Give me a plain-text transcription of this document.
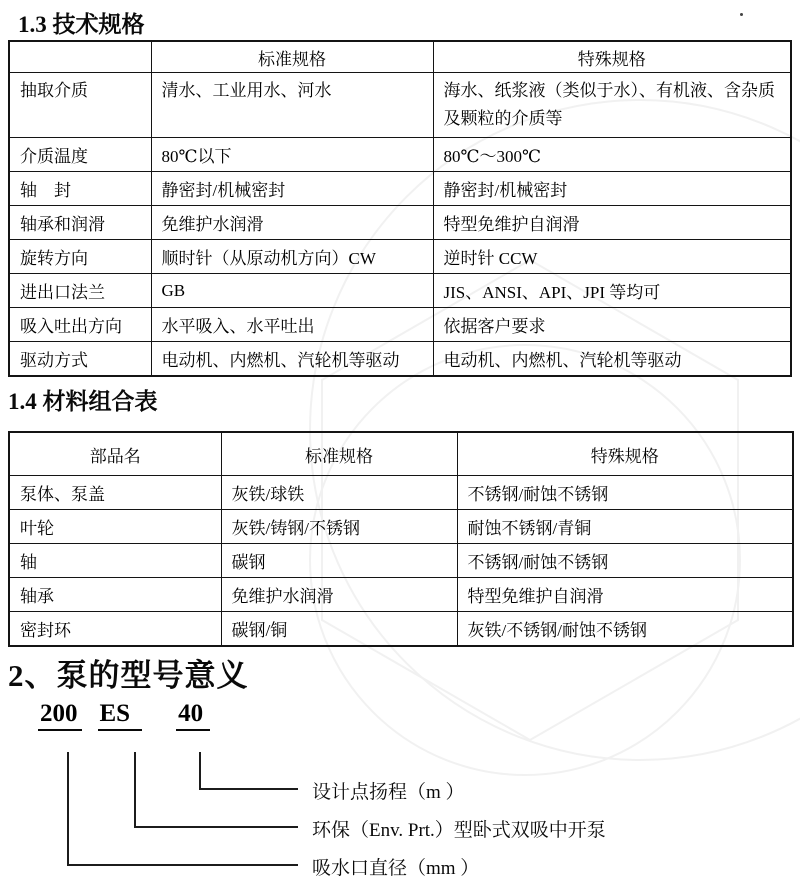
1.3 技术规格
	标准规格	特殊规格
抽取介质	清水、工业用水、河水	海水、纸浆液（类似于水）、有机液、含杂质及颗粒的介质等
介质温度	80℃以下	80℃～300℃
轴　封	静密封/机械密封	静密封/机械密封
轴承和润滑	免维护水润滑	特型免维护自润滑
旋转方向	顺时针（从原动机方向）CW	逆时针 CCW
进出口法兰	GB	JIS、ANSI、API、JPI 等均可
吸入吐出方向	水平吸入、水平吐出	依据客户要求
驱动方式	电动机、内燃机、汽轮机等驱动	电动机、内燃机、汽轮机等驱动
1.4 材料组合表
部品名	标准规格	特殊规格
泵体、泵盖	灰铁/球铁	不锈钢/耐蚀不锈钢
叶轮	灰铁/铸钢/不锈钢	耐蚀不锈钢/青铜
轴	碳钢	不锈钢/耐蚀不锈钢
轴承	免维护水润滑	特型免维护自润滑
密封环	碳钢/铜	灰铁/不锈钢/耐蚀不锈钢
2、泵的型号意义
200 ES 40
设计点扬程（m ）
环保（Env. Prt.）型卧式双吸中开泵
吸水口直径（mm ）
